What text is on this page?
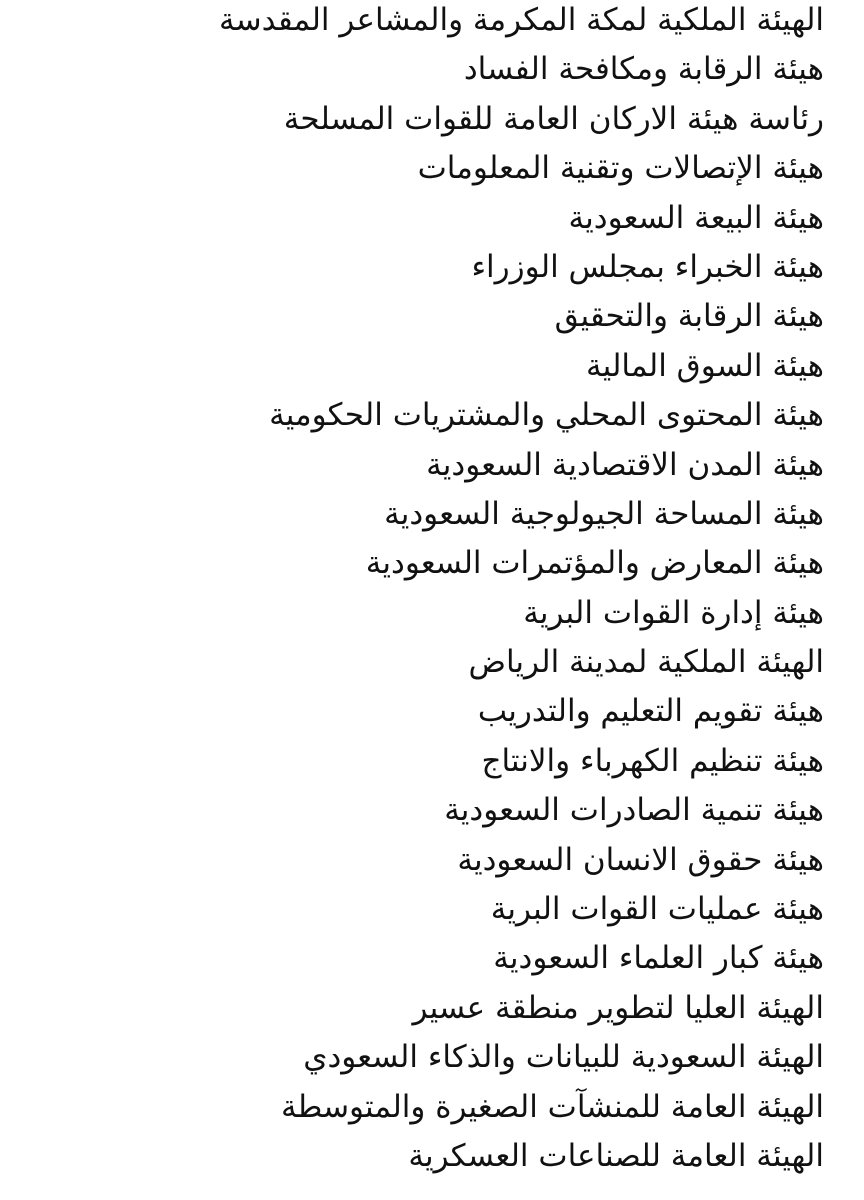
الهيئة الملكية لمكة المكرمة والمشاعر المقدسة
هيئة الرقابة ومكافحة الفساد
رئاسة هيئة الاركان العامة للقوات المسلحة
هيئة الإتصالات وتقنية المعلومات
هيئة البيعة السعودية
هيئة الخبراء بمجلس الوزراء
هيئة الرقابة والتحقيق
هيئة السوق المالية
هيئة المحتوى المحلي والمشتريات الحكومية
هيئة المدن الاقتصادية السعودية
هيئة المساحة الجيولوجية السعودية
هيئة المعارض والمؤتمرات السعودية
هيئة إدارة القوات البرية
الهيئة الملكية لمدينة الرياض
هيئة تقويم التعليم والتدريب
هيئة تنظيم الكهرباء والانتاج
هيئة تنمية الصادرات السعودية
هيئة حقوق الانسان السعودية
هيئة عمليات القوات البرية
هيئة كبار العلماء السعودية
الهيئة العليا لتطوير منطقة عسير
الهيئة السعودية للبيانات والذكاء السعودي
الهيئة العامة للمنشآت الصغيرة والمتوسطة
الهيئة العامة للصناعات العسكرية
